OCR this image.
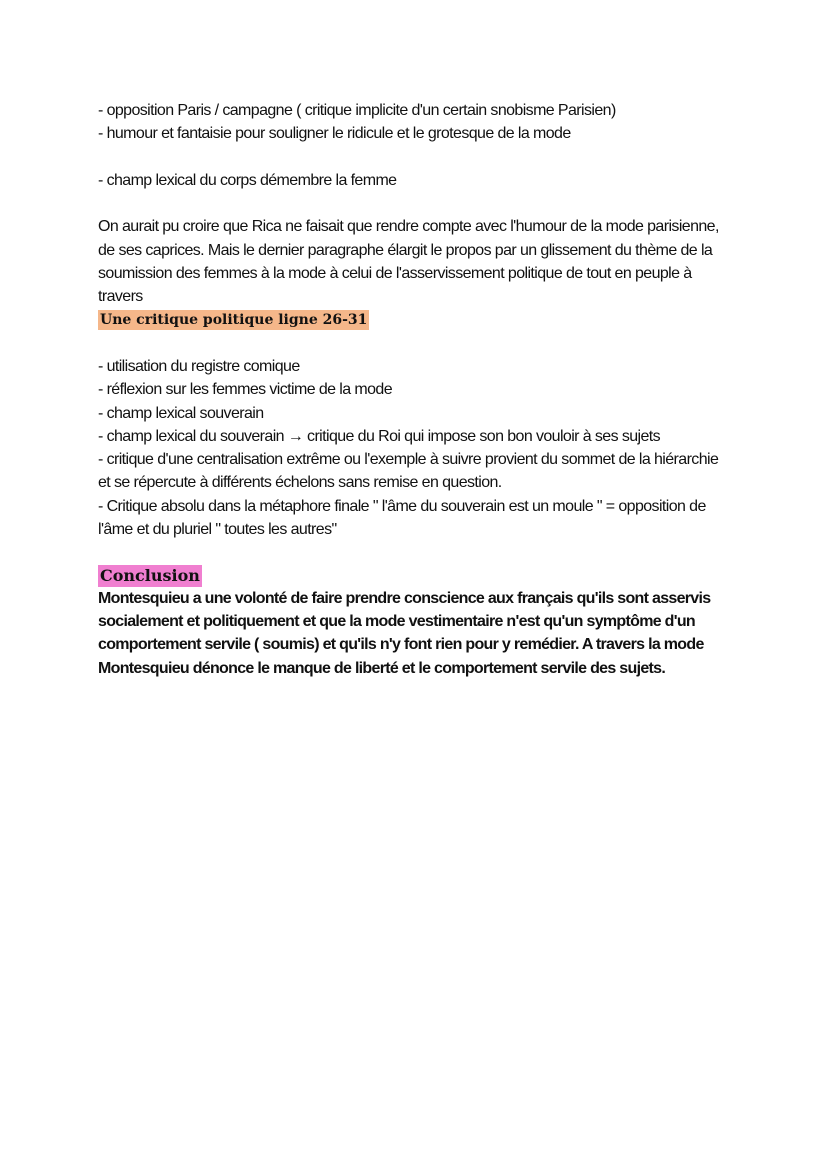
- opposition Paris / campagne ( critique implicite d'un certain snobisme Parisien)
- humour et fantaisie pour souligner le ridicule et le grotesque de la mode
- champ lexical du corps démembre la femme
On aurait pu croire que Rica ne faisait que rendre compte avec l'humour de la mode parisienne,
de ses caprices. Mais le dernier paragraphe élargit le propos par un glissement du thème de la
soumission des femmes à la mode à celui de l'asservissement politique de tout en peuple à
travers
Une critique politique ligne 26-31
- utilisation du registre comique
- réflexion sur les femmes victime de la mode
- champ lexical souverain
- champ lexical du souverain → critique du Roi qui impose son bon vouloir à ses sujets
- critique d'une centralisation extrême ou l'exemple à suivre provient du sommet de la hiérarchie
et se répercute à différents échelons sans remise en question.
- Critique absolu dans la métaphore finale " l'âme du souverain est un moule " = opposition de
l'âme et du pluriel " toutes les autres"
Conclusion
Montesquieu a une volonté de faire prendre conscience aux français qu'ils sont asservis
socialement et politiquement et que la mode vestimentaire n'est qu'un symptôme d'un
comportement servile ( soumis) et qu'ils n'y font rien pour y remédier. A travers la mode
Montesquieu dénonce le manque de liberté et le comportement servile des sujets.
